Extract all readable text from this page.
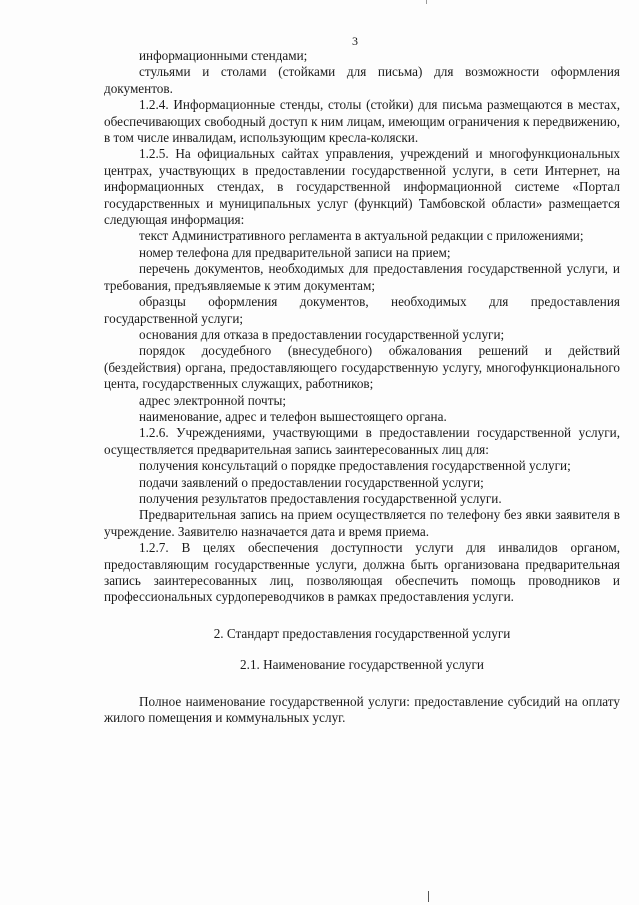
3

информационными стендами;

стульями и столами (стойками для письма) для возможности оформления документов.

1.2.4. Информационные стенды, столы (стойки) для письма размещаются в местах, обеспечивающих свободный доступ к ним лицам, имеющим ограничения к передвижению, в том числе инвалидам, использующим кресла-коляски.

1.2.5. На официальных сайтах управления, учреждений и многофункциональных центрах, участвующих в предоставлении государственной услуги, в сети Интернет, на информационных стендах, в государственной информационной системе «Портал государственных и муниципальных услуг (функций) Тамбовской области» размещается следующая информация:

текст Административного регламента в актуальной редакции с приложениями;

номер телефона для предварительной записи на прием;

перечень документов, необходимых для предоставления государственной услуги, и требования, предъявляемые к этим документам;

образцы оформления документов, необходимых для предоставления государственной услуги;

основания для отказа в предоставлении государственной услуги;

порядок досудебного (внесудебного) обжалования решений и действий (бездействия) органа, предоставляющего государственную услугу, многофункционального цента, государственных служащих, работников;

адрес электронной почты;

наименование, адрес и телефон вышестоящего органа.

1.2.6. Учреждениями, участвующими в предоставлении государственной услуги, осуществляется предварительная запись заинтересованных лиц для:

получения консультаций о порядке предоставления государственной услуги;

подачи заявлений о предоставлении государственной услуги;

получения результатов предоставления государственной услуги.

Предварительная запись на прием осуществляется по телефону без явки заявителя в учреждение. Заявителю назначается дата и время приема.

1.2.7. В целях обеспечения доступности услуги для инвалидов органом, предоставляющим государственные услуги, должна быть организована предварительная запись заинтересованных лиц, позволяющая обеспечить помощь проводников и профессиональных сурдопереводчиков в рамках предоставления услуги.

2. Стандарт предоставления государственной услуги

2.1. Наименование государственной услуги

Полное наименование государственной услуги: предоставление субсидий на оплату жилого помещения и коммунальных услуг.
